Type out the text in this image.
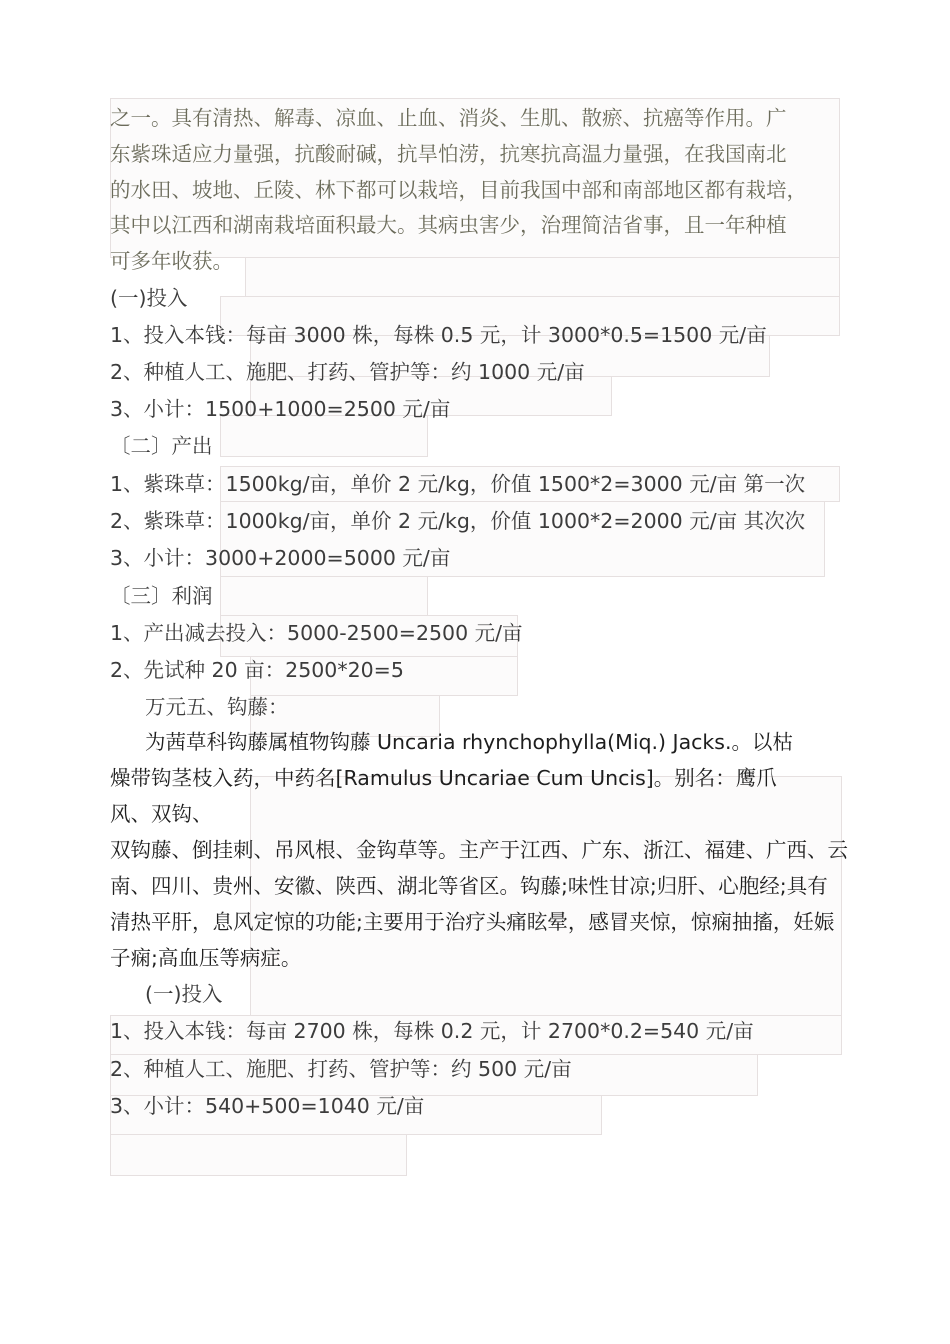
之一。具有清热、解毒、凉血、止血、消炎、生肌、散瘀、抗癌等作用。广
东紫珠适应力量强，抗酸耐碱，抗旱怕涝，抗寒抗高温力量强，在我国南北
的水田、坡地、丘陵、林下都可以栽培，目前我国中部和南部地区都有栽培，
其中以江西和湖南栽培面积最大。其病虫害少，治理简洁省事，且一年种植
可多年收获。
(一)投入
1、投入本钱：每亩 3000 株，每株 0.5 元，计 3000*0.5=1500 元/亩
2、种植人工、施肥、打药、管护等：约 1000 元/亩
3、小计：1500+1000=2500 元/亩
〔二〕产出
1、紫珠草：1500kg/亩，单价 2 元/kg，价值 1500*2=3000 元/亩 第一次
2、紫珠草：1000kg/亩，单价 2 元/kg，价值 1000*2=2000 元/亩 其次次
3、小计：3000+2000=5000 元/亩
〔三〕利润
1、产出减去投入：5000-2500=2500 元/亩
2、先试种 20 亩：2500*20=5
万元五、钩藤：
为茜草科钩藤属植物钩藤 Uncaria rhynchophylla(Miq.) Jacks.。以枯
燥带钩茎枝入药，中药名[Ramulus Uncariae Cum Uncis]。别名：鹰爪
风、双钩、
双钩藤、倒挂刺、吊风根、金钩草等。主产于江西、广东、浙江、福建、广西、云
南、四川、贵州、安徽、陕西、湖北等省区。钩藤;味性甘凉;归肝、心胞经;具有
清热平肝，息风定惊的功能;主要用于治疗头痛眩晕，感冒夹惊，惊痫抽搐，妊娠
子痫;高血压等病症。
(一)投入
1、投入本钱：每亩 2700 株，每株 0.2 元，计 2700*0.2=540 元/亩
2、种植人工、施肥、打药、管护等：约 500 元/亩
3、小计：540+500=1040 元/亩
